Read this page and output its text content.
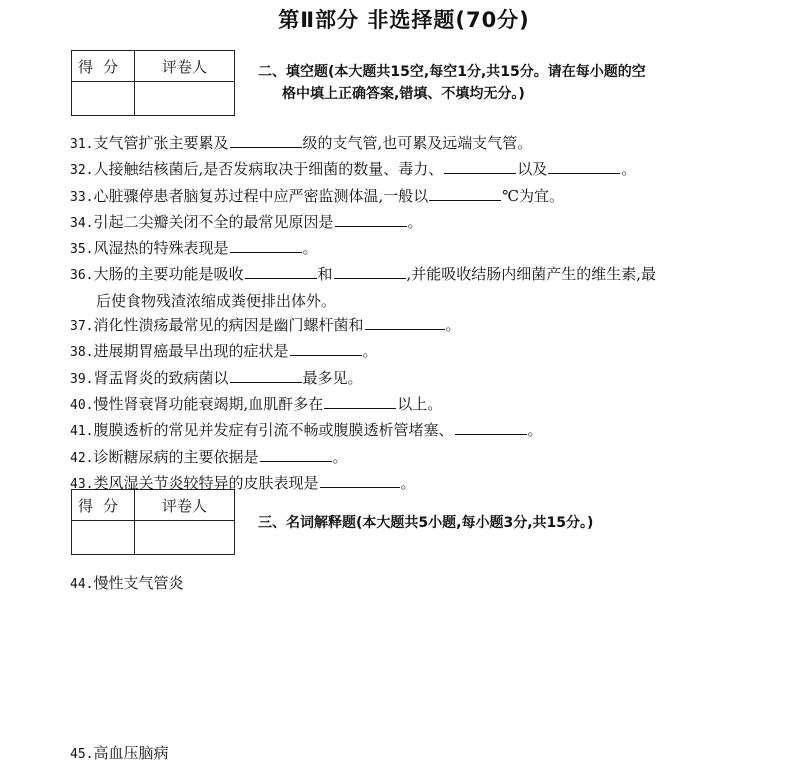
第Ⅱ部分 非选择题(70分)
得分	评卷人
		二、填空题(本大题共15空,每空1分,共15分。请在每小题的空
格中填上正确答案,错填、不填均无分。)
31.支气管扩张主要累及	级的支气管,也可累及远端支气管。
32.人接触结核菌后,是否发病取决于细菌的数量、毒力、	以及	。
33.心脏骤停患者脑复苏过程中应严密监测体温,一般以	℃为宜。
34.引起二尖瓣关闭不全的最常见原因是	。
35.风湿热的特殊表现是	。
36.大肠的主要功能是吸收	和	,并能吸收结肠内细菌产生的维生素,最
后使食物残渣浓缩成粪便排出体外。
37.消化性溃疡最常见的病因是幽门螺杆菌和	。
38.进展期胃癌最早出现的症状是	。
39.肾盂肾炎的致病菌以	最多见。
40.慢性肾衰肾功能衰竭期,血肌酐多在	以上。
41.腹膜透析的常见并发症有引流不畅或腹膜透析管堵塞、	。
42.诊断糖尿病的主要依据是	。
43.类风湿关节炎较特异的皮肤表现是	。
得分	评卷人

三、名词解释题(本大题共5小题,每小题3分,共15分。)
44.慢性支气管炎
45.高血压脑病
